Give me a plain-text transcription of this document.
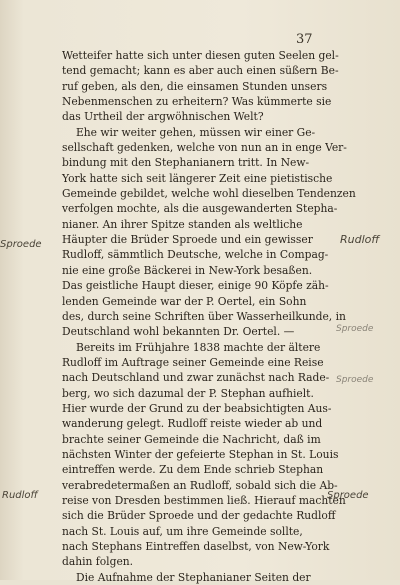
37
Wetteifer hatte sich unter diesen guten Seelen gel-
tend gemacht; kann es aber auch einen süßern Be-
ruf geben, als den, die einsamen Stunden unsers
Nebenmenschen zu erheitern? Was kümmerte sie
das Urtheil der argwöhnischen Welt?
Ehe wir weiter gehen, müssen wir einer Ge-
sellschaft gedenken, welche von nun an in enge Ver-
bindung mit den Stephanianern tritt. In New-
York hatte sich seit längerer Zeit eine pietistische
Gemeinde gebildet, welche wohl dieselben Tendenzen
verfolgen mochte, als die ausgewanderten Stepha-
nianer. An ihrer Spitze standen als weltliche
Häupter die Brüder Sproede und ein gewisser
Rudloff, sämmtlich Deutsche, welche in Compag-
nie eine große Bäckerei in New-York besaßen.
Das geistliche Haupt dieser, einige 90 Köpfe zäh-
lenden Gemeinde war der P. Oertel, ein Sohn
des, durch seine Schriften über Wasserheilkunde, in
Deutschland wohl bekannten Dr. Oertel. —
Bereits im Frühjahre 1838 machte der ältere
Rudloff im Auftrage seiner Gemeinde eine Reise
nach Deutschland und zwar zunächst nach Rade-
berg, wo sich dazumal der P. Stephan aufhielt.
Hier wurde der Grund zu der beabsichtigten Aus-
wanderung gelegt. Rudloff reiste wieder ab und
brachte seiner Gemeinde die Nachricht, daß im
nächsten Winter der gefeierte Stephan in St. Louis
eintreffen werde. Zu dem Ende schrieb Stephan
verabredetermaßen an Rudloff, sobald sich die Ab-
reise von Dresden bestimmen ließ. Hierauf machten
sich die Brüder Sproede und der gedachte Rudloff
nach St. Louis auf, um ihre Gemeinde sollte,
nach Stephans Eintreffen daselbst, von New-York
dahin folgen.
Die Aufnahme der Stephanianer Seiten der
Sproede	Rudloff
Sproede
Sproede
Rudloff	Sproede
